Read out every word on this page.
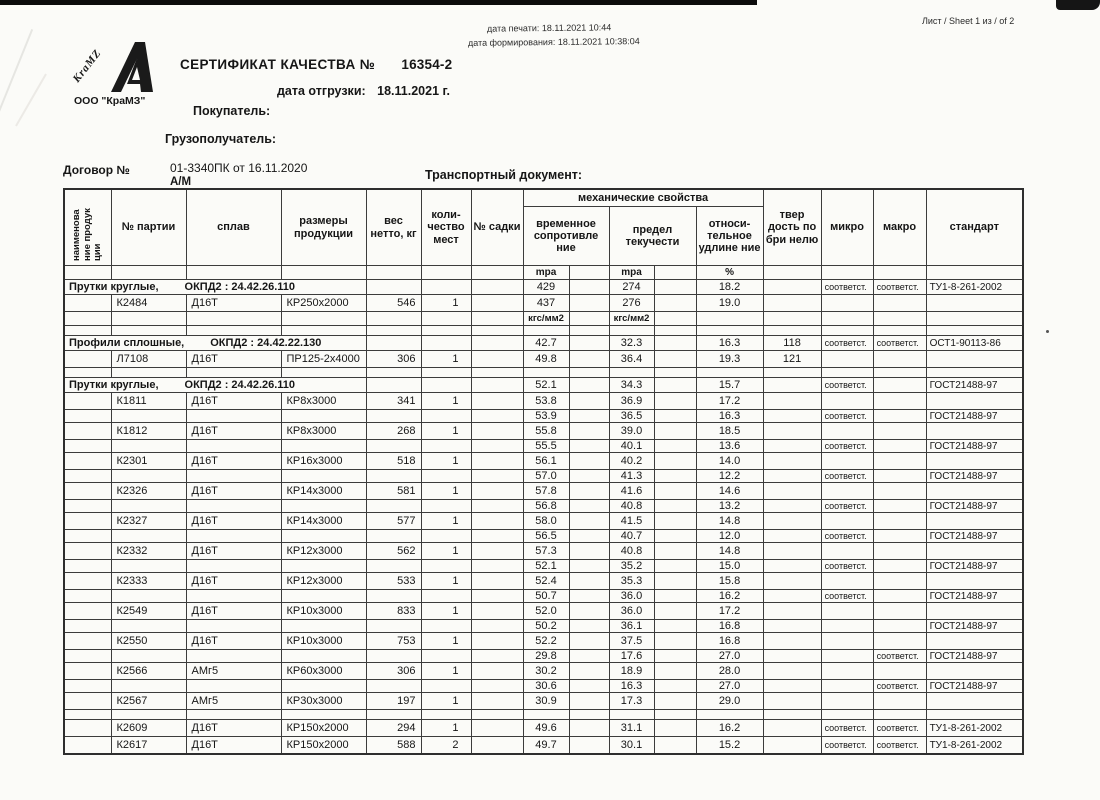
дата печати: 18.11.2021 10:44
дата формирования: 18.11.2021 10:38:04
Лист / Sheet 1 из / of 2
KraMZ
ООО "КраМЗ"
СЕРТИФИКАТ КАЧЕСТВА № 16354-2
дата отгрузки: 18.11.2021 г.
Покупатель:
Грузополучатель:
Договор №	01-3340ПК от 16.11.2020
А/М	Транспортный документ:
наименова ние продук ции	№ партии	сплав	размеры продукции	вес нетто, кг	коли- чество мест	№ садки	механические свойства					твер дость по бри нелю	микро	макро	стандарт
							временное сопротивле ние		предел текучести		относи- тельное удлине ние				
							mpa		mpa		%				
Прутки круглые, ОКПД2 : 24.42.26.110							429		274		18.2		соответст.	соответст.	ТУ1-8-261-2002
	К2484	Д16Т	КР250х2000	546	1		437		276		19.0				
							кгс/мм2		кгс/мм2						

Профили сплошные, ОКПД2 : 24.42.22.130							42.7		32.3		16.3	118	соответст.	соответст.	ОСТ1-90113-86
	Л7108	Д16Т	ПР125-2х4000	306	1		49.8		36.4		19.3	121			

Прутки круглые, ОКПД2 : 24.42.26.110							52.1		34.3		15.7		соответст.		ГОСТ21488-97
	К1811	Д16Т	КР8х3000	341	1		53.8		36.9		17.2				
							53.9		36.5		16.3		соответст.		ГОСТ21488-97
	К1812	Д16Т	КР8х3000	268	1		55.8		39.0		18.5				
							55.5		40.1		13.6		соответст.		ГОСТ21488-97
	К2301	Д16Т	КР16х3000	518	1		56.1		40.2		14.0				
							57.0		41.3		12.2		соответст.		ГОСТ21488-97
	К2326	Д16Т	КР14х3000	581	1		57.8		41.6		14.6				
							56.8		40.8		13.2		соответст.		ГОСТ21488-97
	К2327	Д16Т	КР14х3000	577	1		58.0		41.5		14.8				
							56.5		40.7		12.0		соответст.		ГОСТ21488-97
	К2332	Д16Т	КР12х3000	562	1		57.3		40.8		14.8				
							52.1		35.2		15.0		соответст.		ГОСТ21488-97
	К2333	Д16Т	КР12х3000	533	1		52.4		35.3		15.8				
							50.7		36.0		16.2		соответст.		ГОСТ21488-97
	К2549	Д16Т	КР10х3000	833	1		52.0		36.0		17.2				
							50.2		36.1		16.8				ГОСТ21488-97
	К2550	Д16Т	КР10х3000	753	1		52.2		37.5		16.8				
							29.8		17.6		27.0			соответст.	ГОСТ21488-97
	К2566	АМг5	КР60х3000	306	1		30.2		18.9		28.0				
							30.6		16.3		27.0			соответст.	ГОСТ21488-97
	К2567	АМг5	КР30х3000	197	1		30.9		17.3		29.0				

	К2609	Д16Т	КР150х2000	294	1		49.6		31.1		16.2		соответст.	соответст.	ТУ1-8-261-2002
	К2617	Д16Т	КР150х2000	588	2		49.7		30.1		15.2		соответст.	соответст.	ТУ1-8-261-2002
